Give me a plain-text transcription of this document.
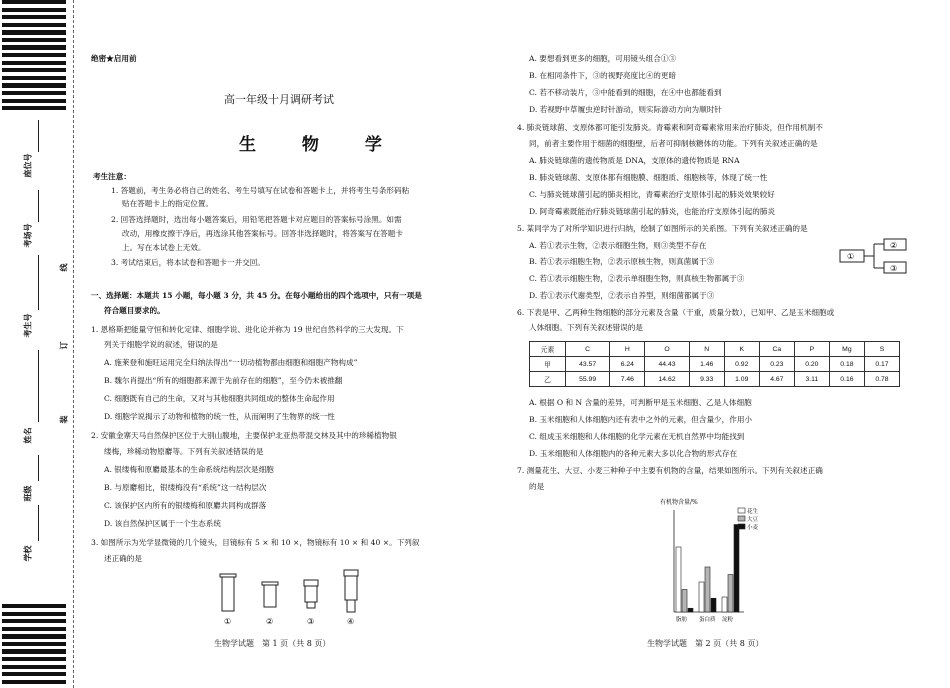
座位号
考场号
考生号
姓名
班级
学校
线
订
装
绝密★启用前
高一年级十月调研考试
生 物 学
考生注意：
1. 答题前，考生务必将自己的姓名、考生号填写在试卷和答题卡上，并将考生号条形码粘
贴在答题卡上的指定位置。
2. 回答选择题时，选出每小题答案后，用铅笔把答题卡对应题目的答案标号涂黑。如需
改动，用橡皮擦干净后，再选涂其他答案标号。回答非选择题时，将答案写在答题卡
上。写在本试卷上无效。
3. 考试结束后，将本试卷和答题卡一并交回。
一、选择题：本题共 15 小题，每小题 3 分，共 45 分。在每小题给出的四个选项中，只有一项是
符合题目要求的。
1. 恩格斯把能量守恒和转化定律、细胞学说、进化论并称为 19 世纪自然科学的三大发现。下
列关于细胞学说的叙述，错误的是
A. 施莱登和施旺运用完全归纳法得出“一切动植物都由细胞和细胞产物构成”
B. 魏尔肖提出“所有的细胞都来源于先前存在的细胞”，至今仍未被推翻
C. 细胞既有自己的生命，又对与其他细胞共同组成的整体生命起作用
D. 细胞学说揭示了动物和植物的统一性，从而阐明了生物界的统一性
2. 安徽金寨天马自然保护区位于大别山腹地，主要保护北亚热带混交林及其中的珍稀植物银
缕梅，珍稀动物原麝等。下列有关叙述错误的是
A. 银缕梅和原麝最基本的生命系统结构层次是细胞
B. 与原麝相比，银缕梅没有“系统”这一结构层次
C. 该保护区内所有的银缕梅和原麝共同构成群落
D. 该自然保护区属于一个生态系统
3. 如图所示为光学显微镜的几个镜头，目镜标有 5 × 和 10 ×，物镜标有 10 × 和 40 ×。下列叙
述正确的是
①	②	③	④
生物学试题　第 1 页（共 8 页）
A. 要想看到更多的细胞，可用镜头组合①③
B. 在相同条件下，③的视野亮度比④的更暗
C. 若不移动装片，③中能看到的细胞，在④中也都能看到
D. 若视野中草履虫逆时针游动，则实际游动方向为顺时针
4. 肺炎链球菌、支原体都可能引发肺炎。青霉素和阿奇霉素常用来治疗肺炎，但作用机制不
同，前者主要作用于细菌的细胞壁，后者可抑制核糖体的功能。下列有关叙述正确的是
A. 肺炎链球菌的遗传物质是 DNA，支原体的遗传物质是 RNA
B. 肺炎链球菌、支原体都有细胞膜、细胞质、细胞核等，体现了统一性
C. 与肺炎链球菌引起的肺炎相比，青霉素治疗支原体引起的肺炎效果较好
D. 阿奇霉素既能治疗肺炎链球菌引起的肺炎，也能治疗支原体引起的肺炎
5. 某同学为了对所学知识进行归纳，绘制了如图所示的关系图。下列有关叙述正确的是
A. 若①表示生物，②表示细胞生物，则③类型不存在
B. 若①表示细胞生物，②表示原核生物，则真菌属于③
C. 若①表示细胞生物，②表示单细胞生物，则真核生物都属于③
D. 若①表示代谢类型，②表示自养型，则细菌都属于③
①
②
③
6. 下表是甲、乙两种生物细胞的部分元素及含量（干重，质量分数），已知甲、乙是玉米细胞或
人体细胞。下列有关叙述错误的是
元素	C	H	O	N	K	Ca	P	Mg	S
甲	43.57	6.24	44.43	1.46	0.92	0.23	0.20	0.18	0.17
乙	55.99	7.46	14.62	9.33	1.09	4.67	3.11	0.16	0.78
A. 根据 O 和 N 含量的差异，可判断甲是玉米细胞、乙是人体细胞
B. 玉米细胞和人体细胞内还有表中之外的元素，但含量少，作用小
C. 组成玉米细胞和人体细胞的化学元素在无机自然界中均能找到
D. 玉米细胞和人体细胞内的各种元素大多以化合物的形式存在
7. 测量花生、大豆、小麦三种种子中主要有机物的含量，结果如图所示。下列有关叙述正确
的是
有机物含量/%
花生
大豆
小麦
脂肪 蛋白质 淀粉
生物学试题　第 2 页（共 8 页）
